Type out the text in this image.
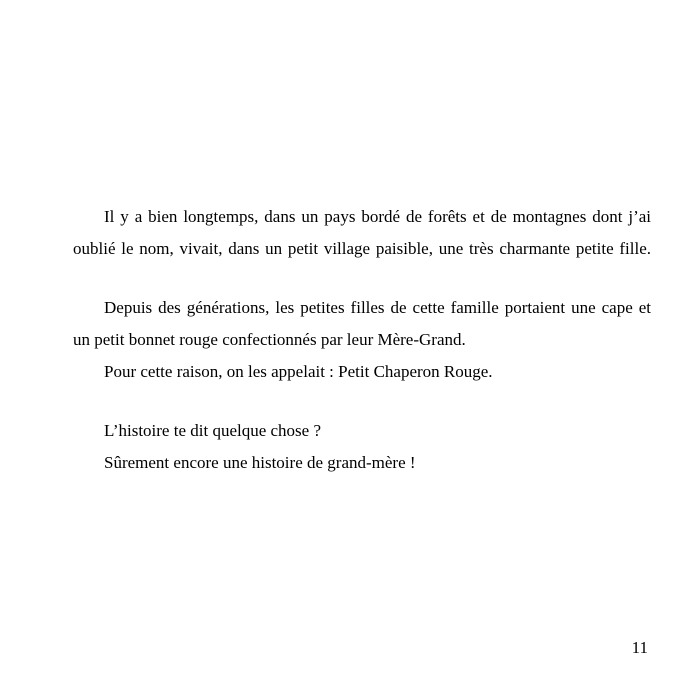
Il y a bien longtemps, dans un pays bordé de forêts et de montagnes dont j’ai
oublié le nom, vivait, dans un petit village paisible, une très charmante petite fille.
Depuis des générations, les petites filles de cette famille portaient une cape et
un petit bonnet rouge confectionnés par leur Mère-Grand.
Pour cette raison, on les appelait : Petit Chaperon Rouge.
L’histoire te dit quelque chose ?
Sûrement encore une histoire de grand-mère !
11
